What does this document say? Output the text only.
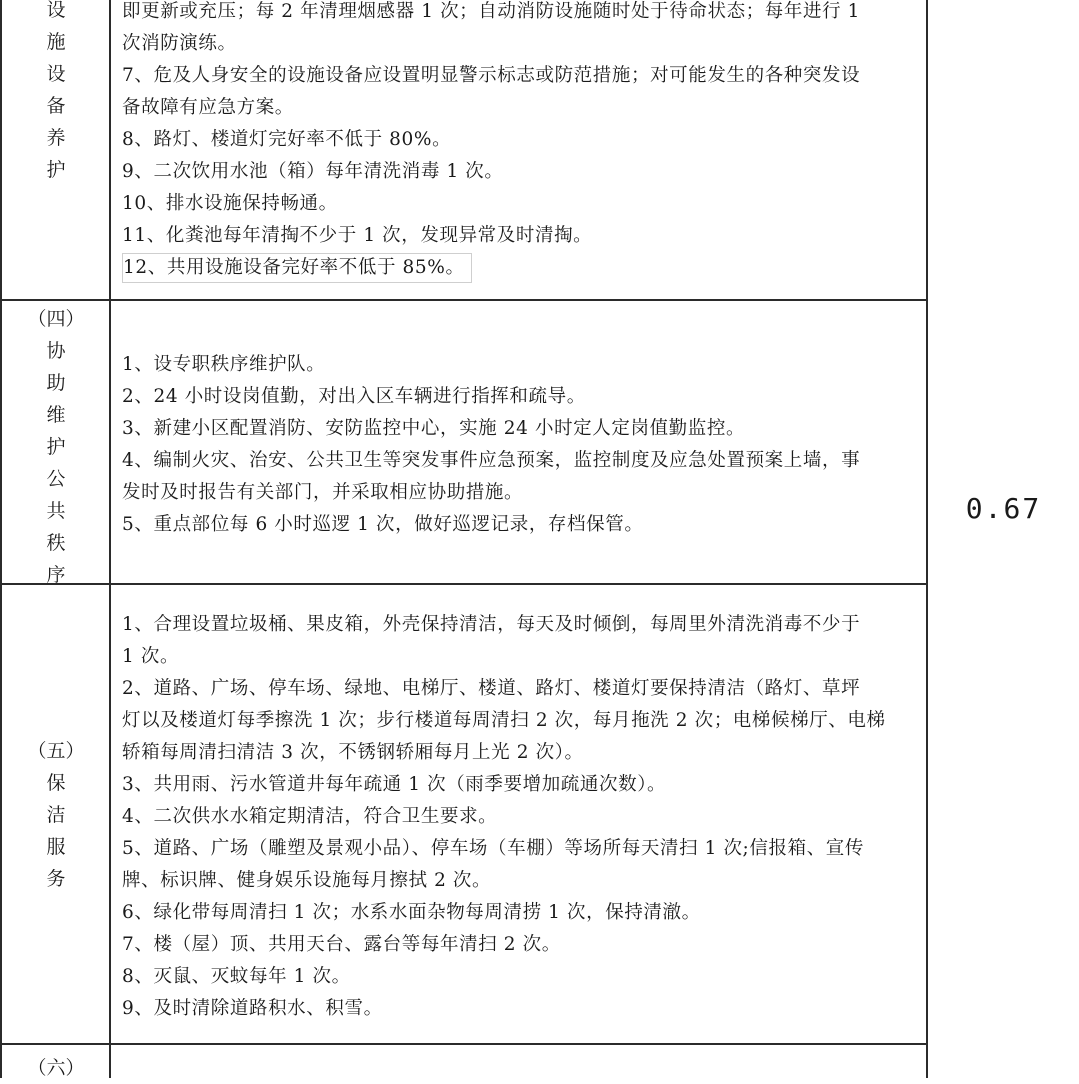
设
施
设
备
养
护

即更新或充压；每 2 年清理烟感器 1 次；自动消防设施随时处于待命状态；每年进行 1

次消防演练。

7、危及人身安全的设施设备应设置明显警示标志或防范措施；对可能发生的各种突发设

备故障有应急方案。

8、路灯、楼道灯完好率不低于 80%。

9、二次饮用水池（箱）每年清洗消毒 1 次。

10、排水设施保持畅通。

11、化粪池每年清掏不少于 1 次，发现异常及时清掏。

12、共用设施设备完好率不低于 85%。

（四）
协
助
维
护
公
共
秩
序

1、设专职秩序维护队。

2、24 小时设岗值勤，对出入区车辆进行指挥和疏导。

3、新建小区配置消防、安防监控中心，实施 24 小时定人定岗值勤监控。

4、编制火灾、治安、公共卫生等突发事件应急预案，监控制度及应急处置预案上墙，事

发时及时报告有关部门，并采取相应协助措施。

5、重点部位每 6 小时巡逻 1 次，做好巡逻记录，存档保管。

（五）
保
洁
服
务

1、合理设置垃圾桶、果皮箱，外壳保持清洁，每天及时倾倒，每周里外清洗消毒不少于

1 次。

2、道路、广场、停车场、绿地、电梯厅、楼道、路灯、楼道灯要保持清洁（路灯、草坪

灯以及楼道灯每季擦洗 1 次；步行楼道每周清扫 2 次，每月拖洗 2 次；电梯候梯厅、电梯

轿箱每周清扫清洁 3 次，不锈钢轿厢每月上光 2 次）。

3、共用雨、污水管道井每年疏通 1 次（雨季要增加疏通次数）。

4、二次供水水箱定期清洁，符合卫生要求。

5、道路、广场（雕塑及景观小品）、停车场（车棚）等场所每天清扫 1 次;信报箱、宣传

牌、标识牌、健身娱乐设施每月擦拭 2 次。

6、绿化带每周清扫 1 次；水系水面杂物每周清捞 1 次，保持清澈。

7、楼（屋）顶、共用天台、露台等每年清扫 2 次。

8、灭鼠、灭蚊每年 1 次。

9、及时清除道路积水、积雪。

（六）
0.67
